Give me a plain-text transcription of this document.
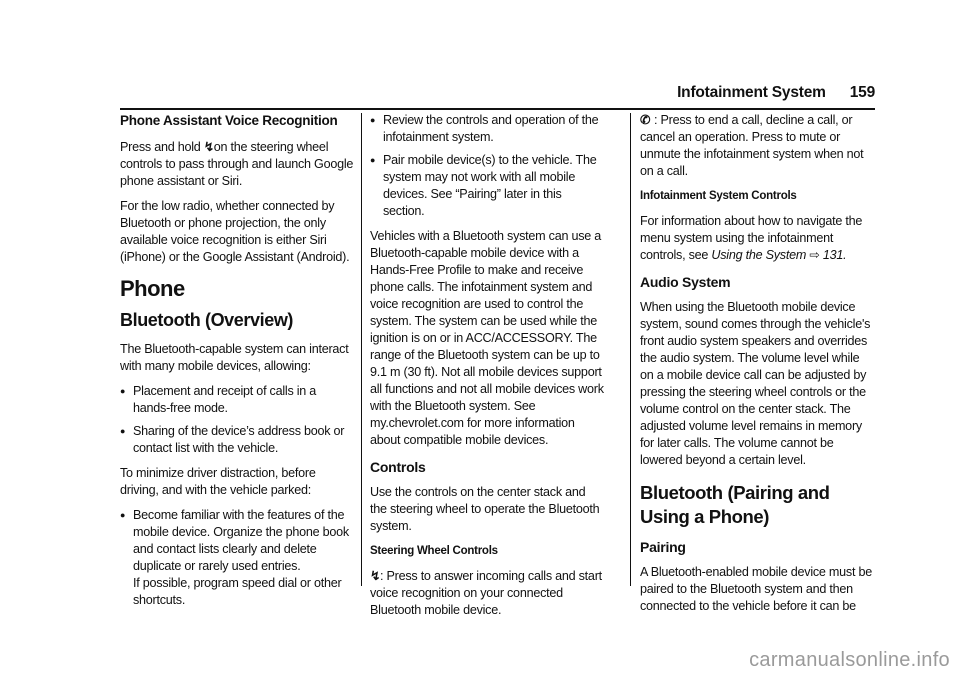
Infotainment System 159
Phone Assistant Voice Recognition

Press and hold ↯on the steering wheel controls to pass through and launch Google phone assistant or Siri.

For the low radio, whether connected by Bluetooth or phone projection, the only available voice recognition is either Siri (iPhone) or the Google Assistant (Android).

Phone
Bluetooth (Overview)

The Bluetooth-capable system can interact with many mobile devices, allowing:

● Placement and receipt of calls in a hands-free mode.
● Sharing of the device’s address book or contact list with the vehicle.

To minimize driver distraction, before driving, and with the vehicle parked:

● Become familiar with the features of the mobile device. Organize the phone book and contact lists clearly and delete duplicate or rarely used entries.
If possible, program speed dial or other shortcuts.
● Review the controls and operation of the infotainment system.
● Pair mobile device(s) to the vehicle. The system may not work with all mobile devices. See “Pairing” later in this section.

Vehicles with a Bluetooth system can use a Bluetooth-capable mobile device with a Hands-Free Profile to make and receive phone calls. The infotainment system and voice recognition are used to control the system. The system can be used while the ignition is on or in ACC/ACCESSORY. The range of the Bluetooth system can be up to 9.1 m (30 ft). Not all mobile devices support all functions and not all mobile devices work with the Bluetooth system. See my.chevrolet.com for more information about compatible mobile devices.

Controls

Use the controls on the center stack and the steering wheel to operate the Bluetooth system.

Steering Wheel Controls

↯: Press to answer incoming calls and start voice recognition on your connected Bluetooth mobile device.

✆ : Press to end a call, decline a call, or cancel an operation. Press to mute or unmute the infotainment system when not on a call.

Infotainment System Controls

For information about how to navigate the menu system using the infotainment controls, see Using the System ⇨ 131.

Audio System

When using the Bluetooth mobile device system, sound comes through the vehicle's front audio system speakers and overrides the audio system. The volume level while on a mobile device call can be adjusted by pressing the steering wheel controls or the volume control on the center stack. The adjusted volume level remains in memory for later calls. The volume cannot be lowered beyond a certain level.

Bluetooth (Pairing and Using a Phone)
Pairing

A Bluetooth-enabled mobile device must be paired to the Bluetooth system and then connected to the vehicle before it can be

carmanualsonline.info
